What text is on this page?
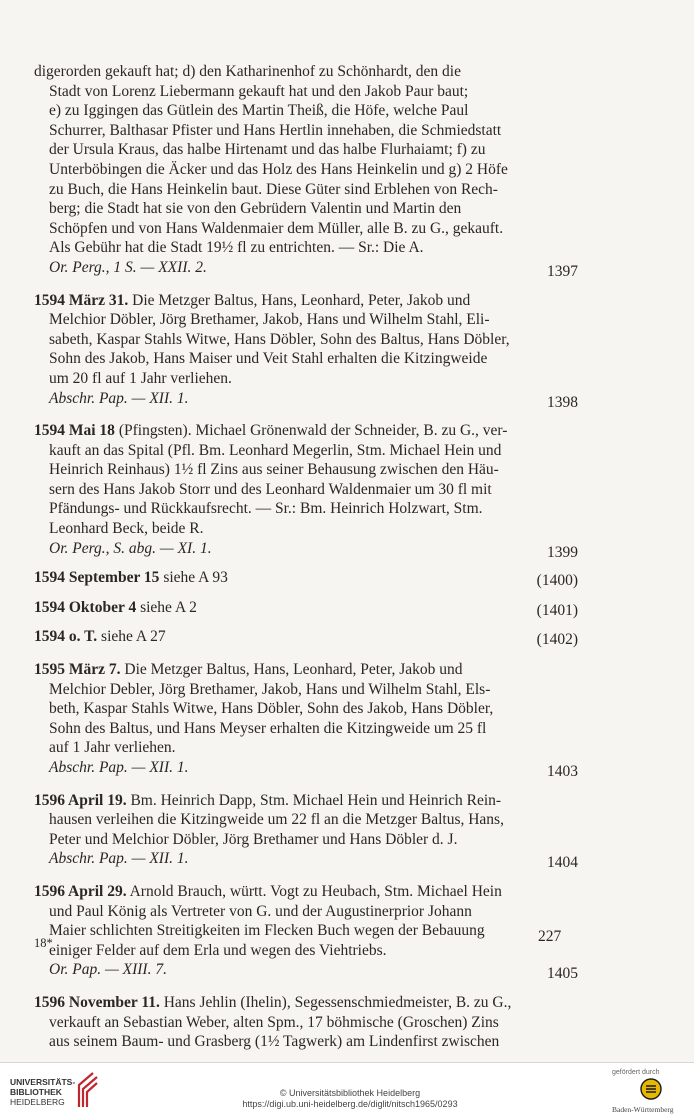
digerorden gekauft hat; d) den Katharinenhof zu Schönhardt, den die

Stadt von Lorenz Liebermann gekauft hat und den Jakob Paur baut;
e) zu Iggingen das Gütlein des Martin Theiß, die Höfe, welche Paul
Schurrer, Balthasar Pfister und Hans Hertlin innehaben, die Schmiedstatt
der Ursula Kraus, das halbe Hirtenamt und das halbe Flurhaiamt; f) zu
Unterböbingen die Äcker und das Holz des Hans Heinkelin und g) 2 Höfe
zu Buch, die Hans Heinkelin baut. Diese Güter sind Erblehen von Rech-
berg; die Stadt hat sie von den Gebrüdern Valentin und Martin den
Schöpfen und von Hans Waldenmaier dem Müller, alle B. zu G., gekauft.
Als Gebühr hat die Stadt 19½ fl zu entrichten. — Sr.: Die A.
Or. Perg., 1 S. — XXII. 2.	1397

1594 März 31. Die Metzger Baltus, Hans, Leonhard, Peter, Jakob und

Melchior Döbler, Jörg Brethamer, Jakob, Hans und Wilhelm Stahl, Eli-
sabeth, Kaspar Stahls Witwe, Hans Döbler, Sohn des Baltus, Hans Döbler,
Sohn des Jakob, Hans Maiser und Veit Stahl erhalten die Kitzingweide
um 20 fl auf 1 Jahr verliehen.
Abschr. Pap. — XII. 1.	1398

1594 Mai 18 (Pfingsten). Michael Grönenwald der Schneider, B. zu G., ver-

kauft an das Spital (Pfl. Bm. Leonhard Megerlin, Stm. Michael Hein und
Heinrich Reinhaus) 1½ fl Zins aus seiner Behausung zwischen den Häu-
sern des Hans Jakob Storr und des Leonhard Waldenmaier um 30 fl mit
Pfändungs- und Rückkaufsrecht. — Sr.: Bm. Heinrich Holzwart, Stm.
Leonhard Beck, beide R.
Or. Perg., S. abg. — XI. 1.	1399
1594 September 15 siehe A 93	(1400)
1594 Oktober 4 siehe A 2	(1401)
1594 o. T. siehe A 27	(1402)

1595 März 7. Die Metzger Baltus, Hans, Leonhard, Peter, Jakob und

Melchior Debler, Jörg Brethamer, Jakob, Hans und Wilhelm Stahl, Els-
beth, Kaspar Stahls Witwe, Hans Döbler, Sohn des Jakob, Hans Döbler,
Sohn des Baltus, und Hans Meyser erhalten die Kitzingweide um 25 fl
auf 1 Jahr verliehen.
Abschr. Pap. — XII. 1.	1403

1596 April 19. Bm. Heinrich Dapp, Stm. Michael Hein und Heinrich Rein-

hausen verleihen die Kitzingweide um 22 fl an die Metzger Baltus, Hans,
Peter und Melchior Döbler, Jörg Brethamer und Hans Döbler d. J.
Abschr. Pap. — XII. 1.	1404

1596 April 29. Arnold Brauch, württ. Vogt zu Heubach, Stm. Michael Hein

und Paul König als Vertreter von G. und der Augustinerprior Johann
Maier schlichten Streitigkeiten im Flecken Buch wegen der Bebauung
einiger Felder auf dem Erla und wegen des Viehtriebs.
Or. Pap. — XIII. 7.	1405

1596 November 11. Hans Jehlin (Ihelin), Segessenschmiedmeister, B. zu G.,

verkauft an Sebastian Weber, alten Spm., 17 böhmische (Groschen) Zins
aus seinem Baum- und Grasberg (1½ Tagwerk) am Lindenfirst zwischen
18*	227
UNIVERSITÄTS-
BIBLIOTHEK
HEIDELBERG
© Universitätsbibliothek Heidelberg
https://digi.ub.uni-heidelberg.de/diglit/nitsch1965/0293
gefördert durch
Baden-Württemberg
